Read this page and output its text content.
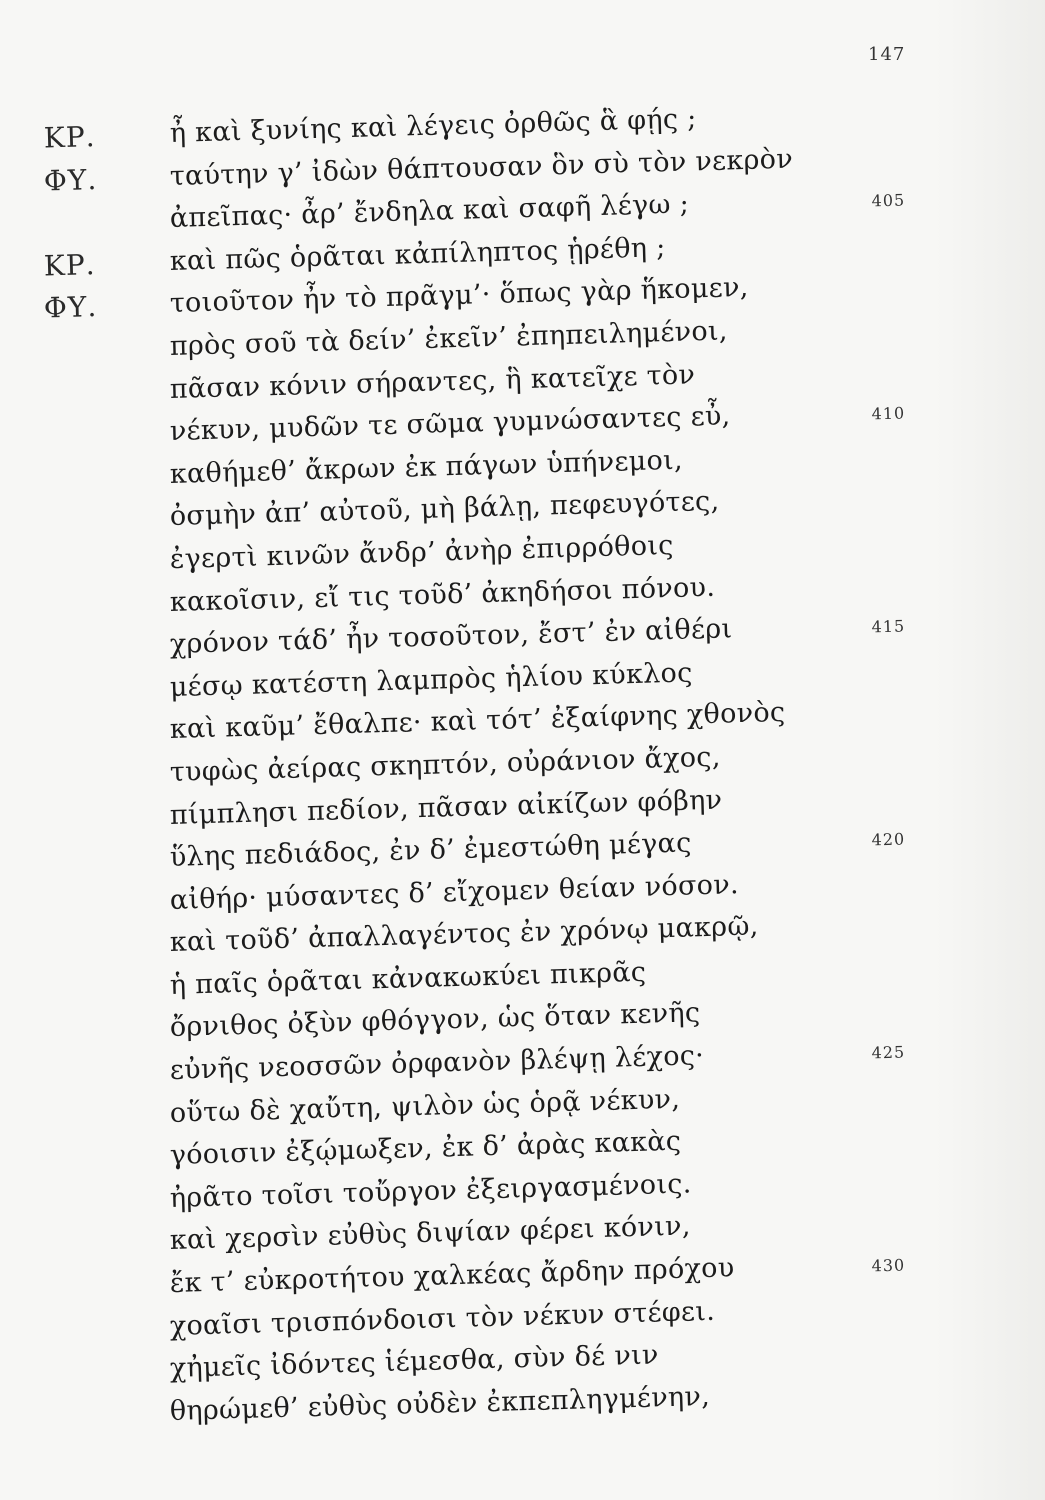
147
ΚΡ.	ἦ καὶ ξυνίης καὶ λέγεις ὀρθῶς ἃ φῄς ;
ΦΥ.	ταύτην γ’ ἰδὼν θάπτουσαν ὃν σὺ τὸν νεκρὸν
ἀπεῖπας· ἆρ’ ἔνδηλα καὶ σαφῆ λέγω ;	405
ΚΡ.	καὶ πῶς ὁρᾶται κἀπίληπτος ᾑρέθη ;
ΦΥ.	τοιοῦτον ἦν τὸ πρᾶγμ’· ὅπως γὰρ ἥκομεν,
πρὸς σοῦ τὰ δείν’ ἐκεῖν’ ἐπηπειλημένοι,
πᾶσαν κόνιν σήραντες, ἣ κατεῖχε τὸν
νέκυν, μυδῶν τε σῶμα γυμνώσαντες εὖ,	410
καθήμεθ’ ἄκρων ἐκ πάγων ὑπήνεμοι,
ὀσμὴν ἀπ’ αὐτοῦ, μὴ βάλῃ, πεφευγότες,
ἐγερτὶ κινῶν ἄνδρ’ ἀνὴρ ἐπιρρόθοις
κακοῖσιν, εἴ τις τοῦδ’ ἀκηδήσοι πόνου.
χρόνον τάδ’ ἦν τοσοῦτον, ἔστ’ ἐν αἰθέρι	415
μέσῳ κατέστη λαμπρὸς ἡλίου κύκλος
καὶ καῦμ’ ἔθαλπε· καὶ τότ’ ἐξαίφνης χθονὸς
τυφὼς ἀείρας σκηπτόν, οὐράνιον ἄχος,
πίμπλησι πεδίον, πᾶσαν αἰκίζων φόβην
ὕλης πεδιάδος, ἐν δ’ ἐμεστώθη μέγας	420
αἰθήρ· μύσαντες δ’ εἴχομεν θείαν νόσον.
καὶ τοῦδ’ ἀπαλλαγέντος ἐν χρόνῳ μακρῷ,
ἡ παῖς ὁρᾶται κἀνακωκύει πικρᾶς
ὄρνιθος ὀξὺν φθόγγον, ὡς ὅταν κενῆς
εὐνῆς νεοσσῶν ὀρφανὸν βλέψῃ λέχος·	425
οὕτω δὲ χαὔτη, ψιλὸν ὡς ὁρᾷ νέκυν,
γόοισιν ἐξῴμωξεν, ἐκ δ’ ἀρὰς κακὰς
ἠρᾶτο τοῖσι τοὔργον ἐξειργασμένοις.
καὶ χερσὶν εὐθὺς διψίαν φέρει κόνιν,
ἔκ τ’ εὐκροτήτου χαλκέας ἄρδην πρόχου	430
χοαῖσι τρισπόνδοισι τὸν νέκυν στέφει.
χἠμεῖς ἰδόντες ἱέμεσθα, σὺν δέ νιν
θηρώμεθ’ εὐθὺς οὐδὲν ἐκπεπληγμένην,
